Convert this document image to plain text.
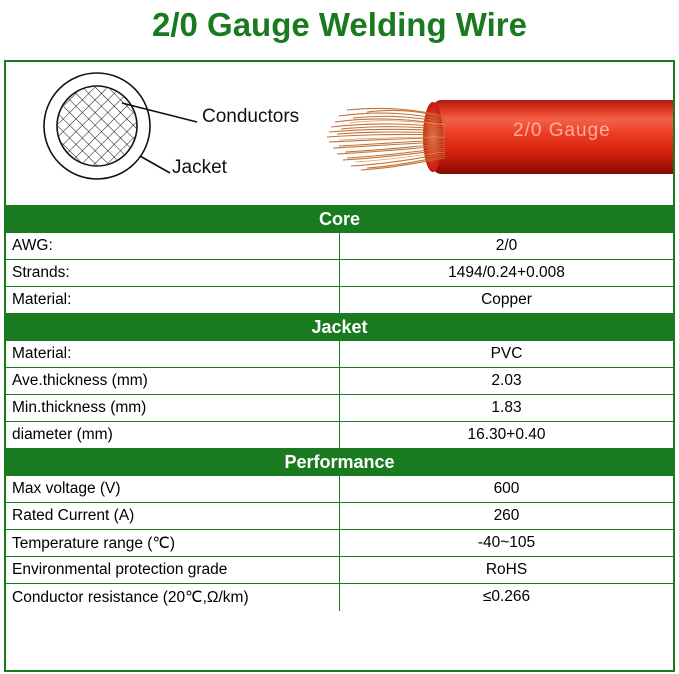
2/0 Gauge Welding Wire
Conductors
Jacket
2/0 Gauge
Core	
AWG:	2/0
Strands:	1494/0.24+0.008
Material:	Copper
Jacket	
Material:	PVC
Ave.thickness (mm)	2.03
Min.thickness (mm)	1.83
diameter (mm)	16.30+0.40
Performance	
Max voltage (V)	600
Rated Current (A)	260
Temperature range (℃)	-40~105
Environmental protection grade	RoHS
Conductor resistance (20℃,Ω/km)	≤0.266
